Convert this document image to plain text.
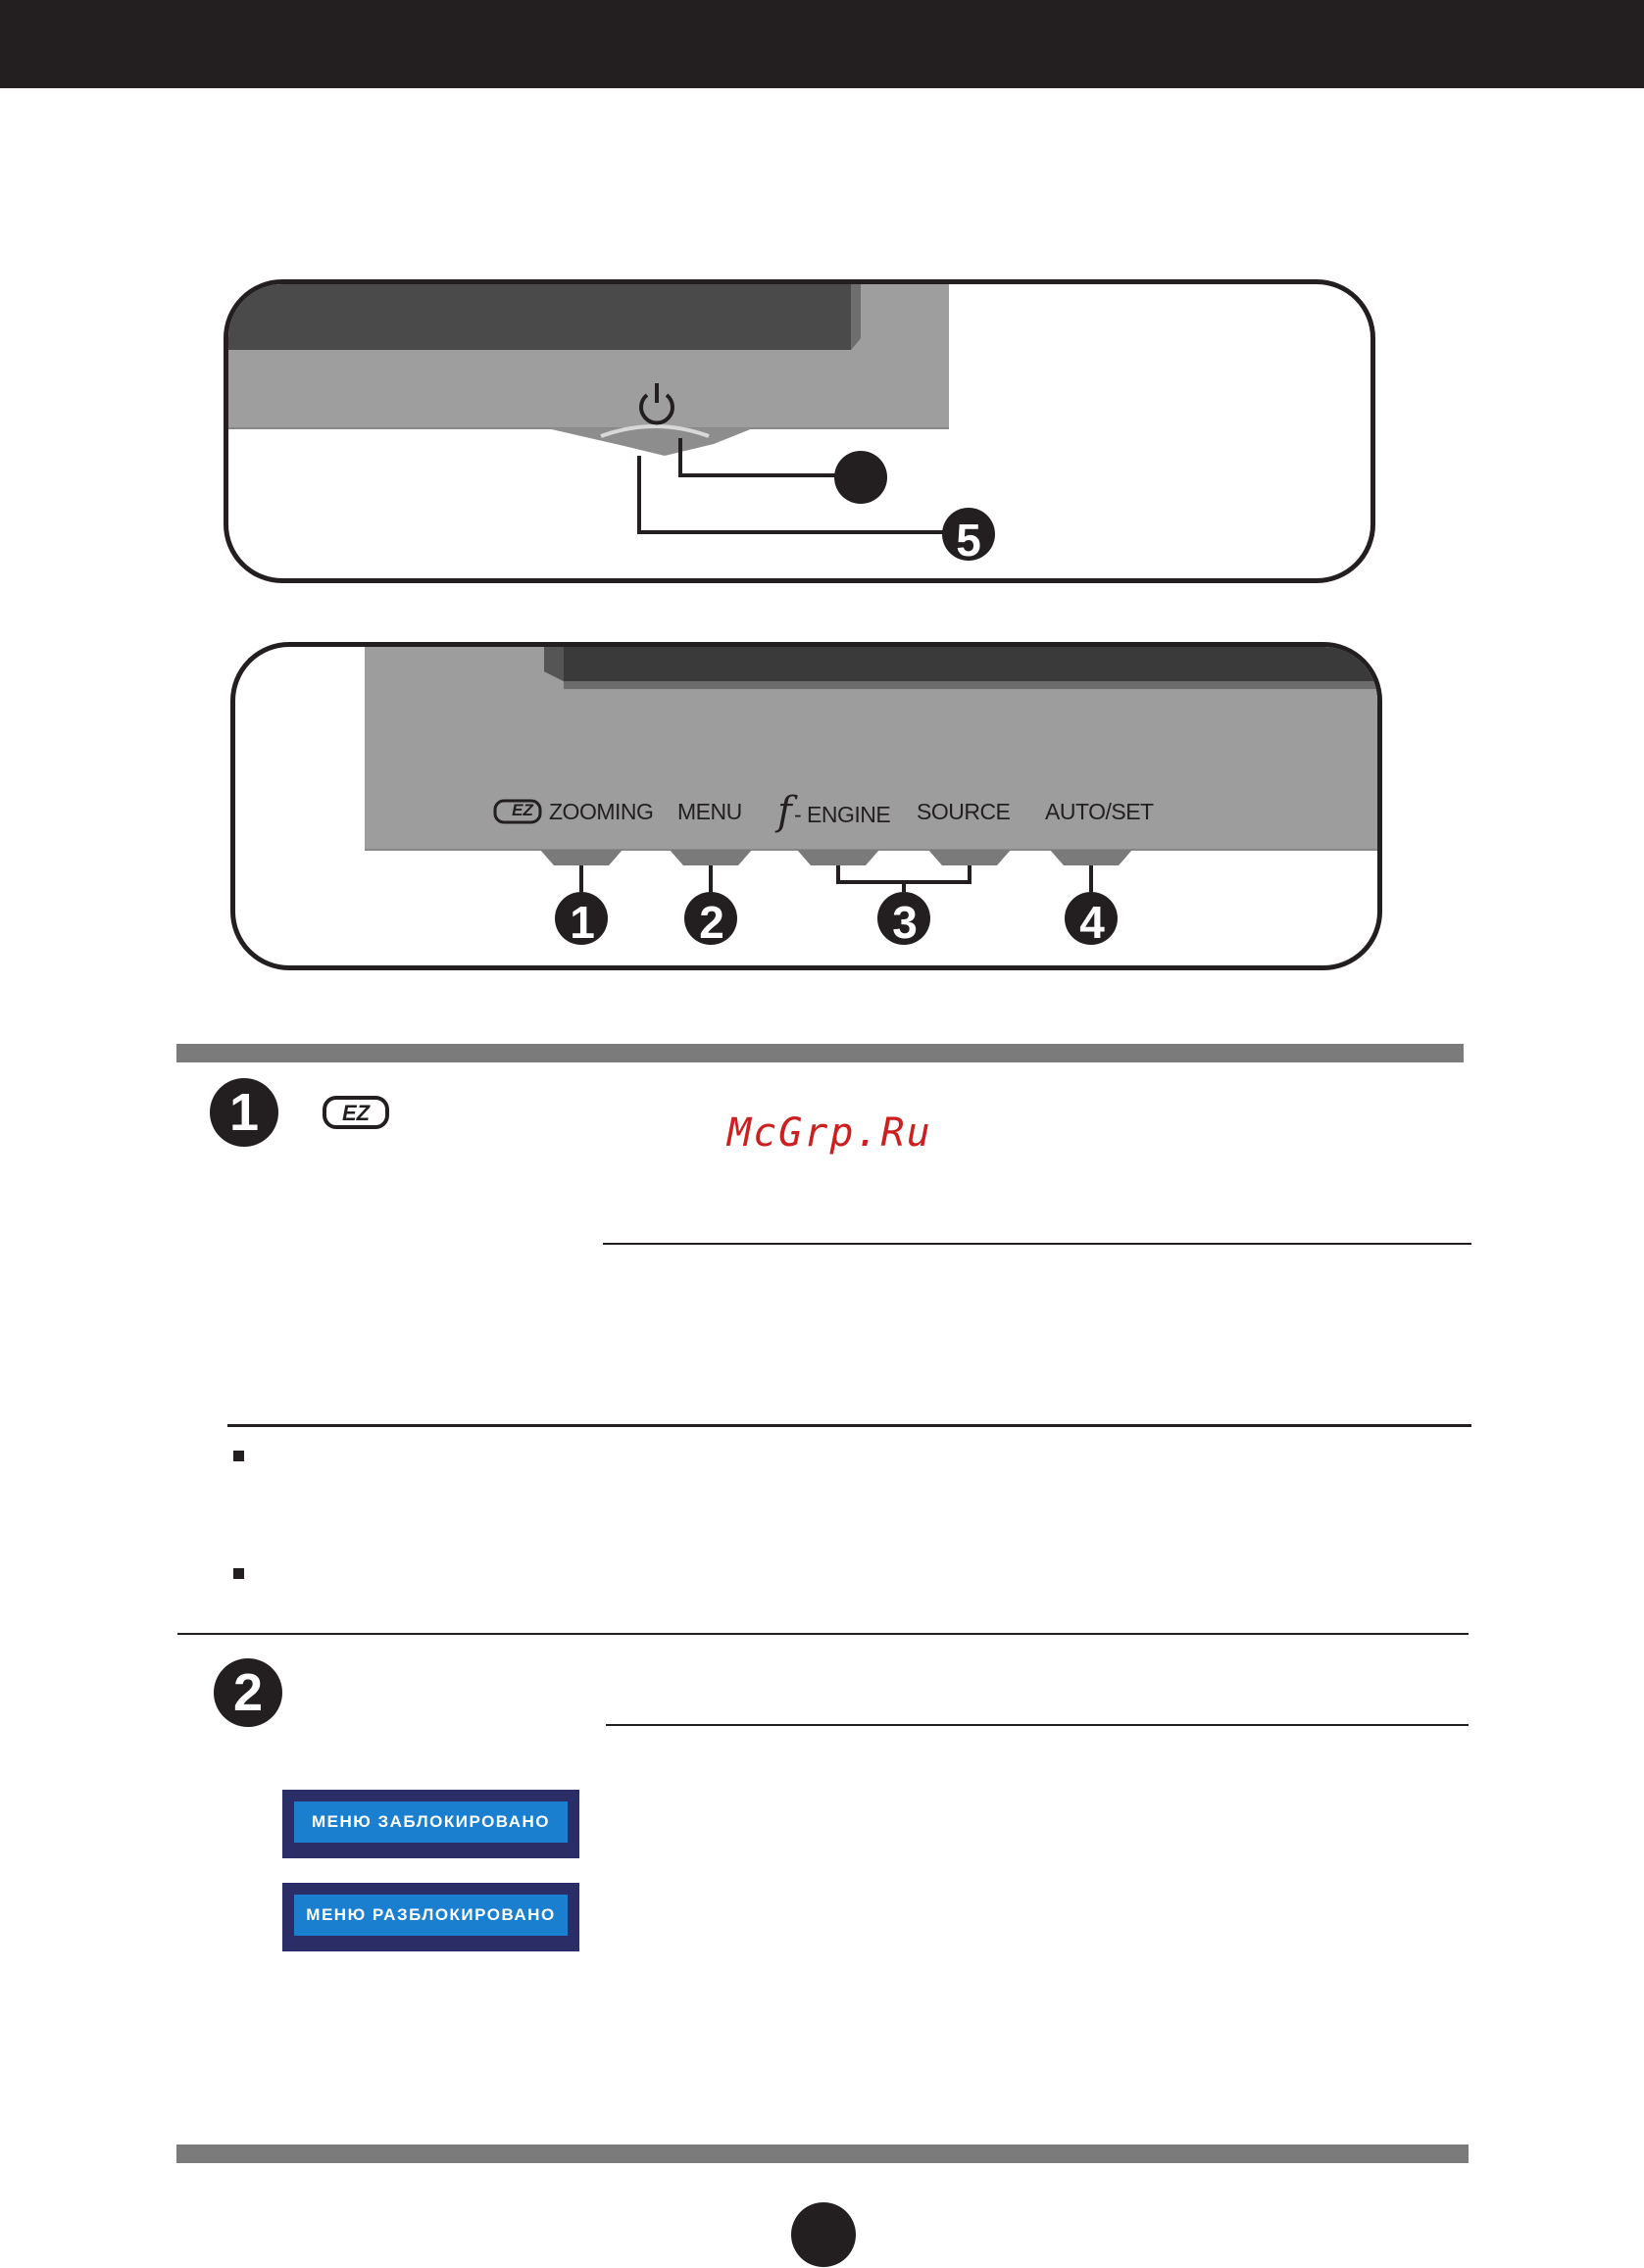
5
EZ ZOOMING MENU f - ENGINE SOURCE AUTO/SET
1	2	3	4
1	EZ	McGrp.Ru
2
МЕНЮ ЗАБЛОКИРОВАНО
МЕНЮ РАЗБЛОКИРОВАНО
